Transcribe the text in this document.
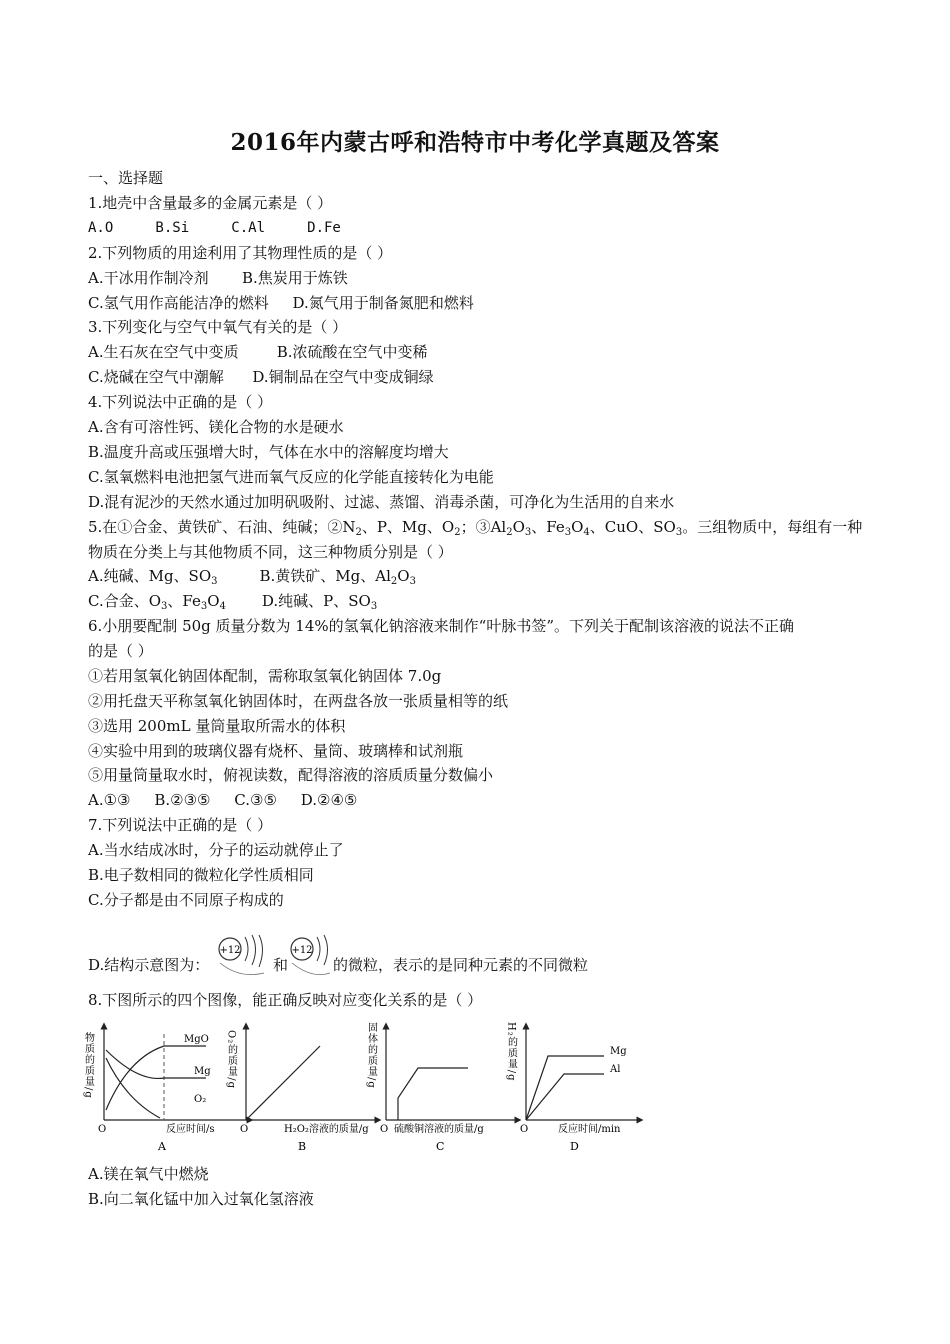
2016年内蒙古呼和浩特市中考化学真题及答案
一、选择题
1.地壳中含量最多的金属元素是（ ）
A.O     B.Si     C.Al     D.Fe
2.下列物质的用途利用了其物理性质的是（ ）
A.干冰用作制冷剂       B.焦炭用于炼铁
C.氢气用作高能洁净的燃料     D.氮气用于制备氮肥和燃料
3.下列变化与空气中氧气有关的是（ ）
A.生石灰在空气中变质        B.浓硫酸在空气中变稀
C.烧碱在空气中潮解      D.铜制品在空气中变成铜绿
4.下列说法中正确的是（ ）
A.含有可溶性钙、镁化合物的水是硬水
B.温度升高或压强增大时，气体在水中的溶解度均增大
C.氢氧燃料电池把氢气进而氧气反应的化学能直接转化为电能
D.混有泥沙的天然水通过加明矾吸附、过滤、蒸馏、消毒杀菌，可净化为生活用的自来水
5.在①合金、黄铁矿、石油、纯碱；$②N_2$、P、Mg、$O_2$；$③Al_2O_3$、$Fe_3O_4$、CuO、$SO_3$。三组物质中，每组有一种
物质在分类上与其他物质不同，这三种物质分别是（ ）
A.纯碱、Mg、$SO_3$	B.黄铁矿、Mg、$Al_2O_3$
C.合金、$O_3$、$Fe_3O_4$ D.纯碱、P、$SO_3$
6.小朋要配制 50g 质量分数为 14%的氢氧化钠溶液来制作“叶脉书签”。下列关于配制该溶液的说法不正确
的是（ ）
①若用氢氧化钠固体配制，需称取氢氧化钠固体 7.0g
②用托盘天平称氢氧化钠固体时，在两盘各放一张质量相等的纸
③选用 200mL 量筒量取所需水的体积
④实验中用到的玻璃仪器有烧杯、量筒、玻璃棒和试剂瓶
⑤用量筒量取水时，俯视读数，配得溶液的溶质质量分数偏小
A.①③     B.②③⑤     C.③⑤     D.②④⑤
7.下列说法中正确的是（ ）
A.当水结成冰时，分子的运动就停止了
B.电子数相同的微粒化学性质相同
C.分子都是由不同原子构成的
D.结构示意图为：
+12
和
+12
的微粒，表示的是同种元素的不同微粒
8.下图所示的四个图像，能正确反映对应变化关系的是（ ）
物质的质量/g	MgO
Mg
O₂
O	反应时间/s
A
O₂的质量/g
O	H₂O₂溶液的质量/g
B
固体的质量/g
O 硫酸铜溶液的质量/g
C
H₂的质量/g	Mg
Al
O	反应时间/min
D
A.镁在氧气中燃烧
B.向二氧化锰中加入过氧化氢溶液
